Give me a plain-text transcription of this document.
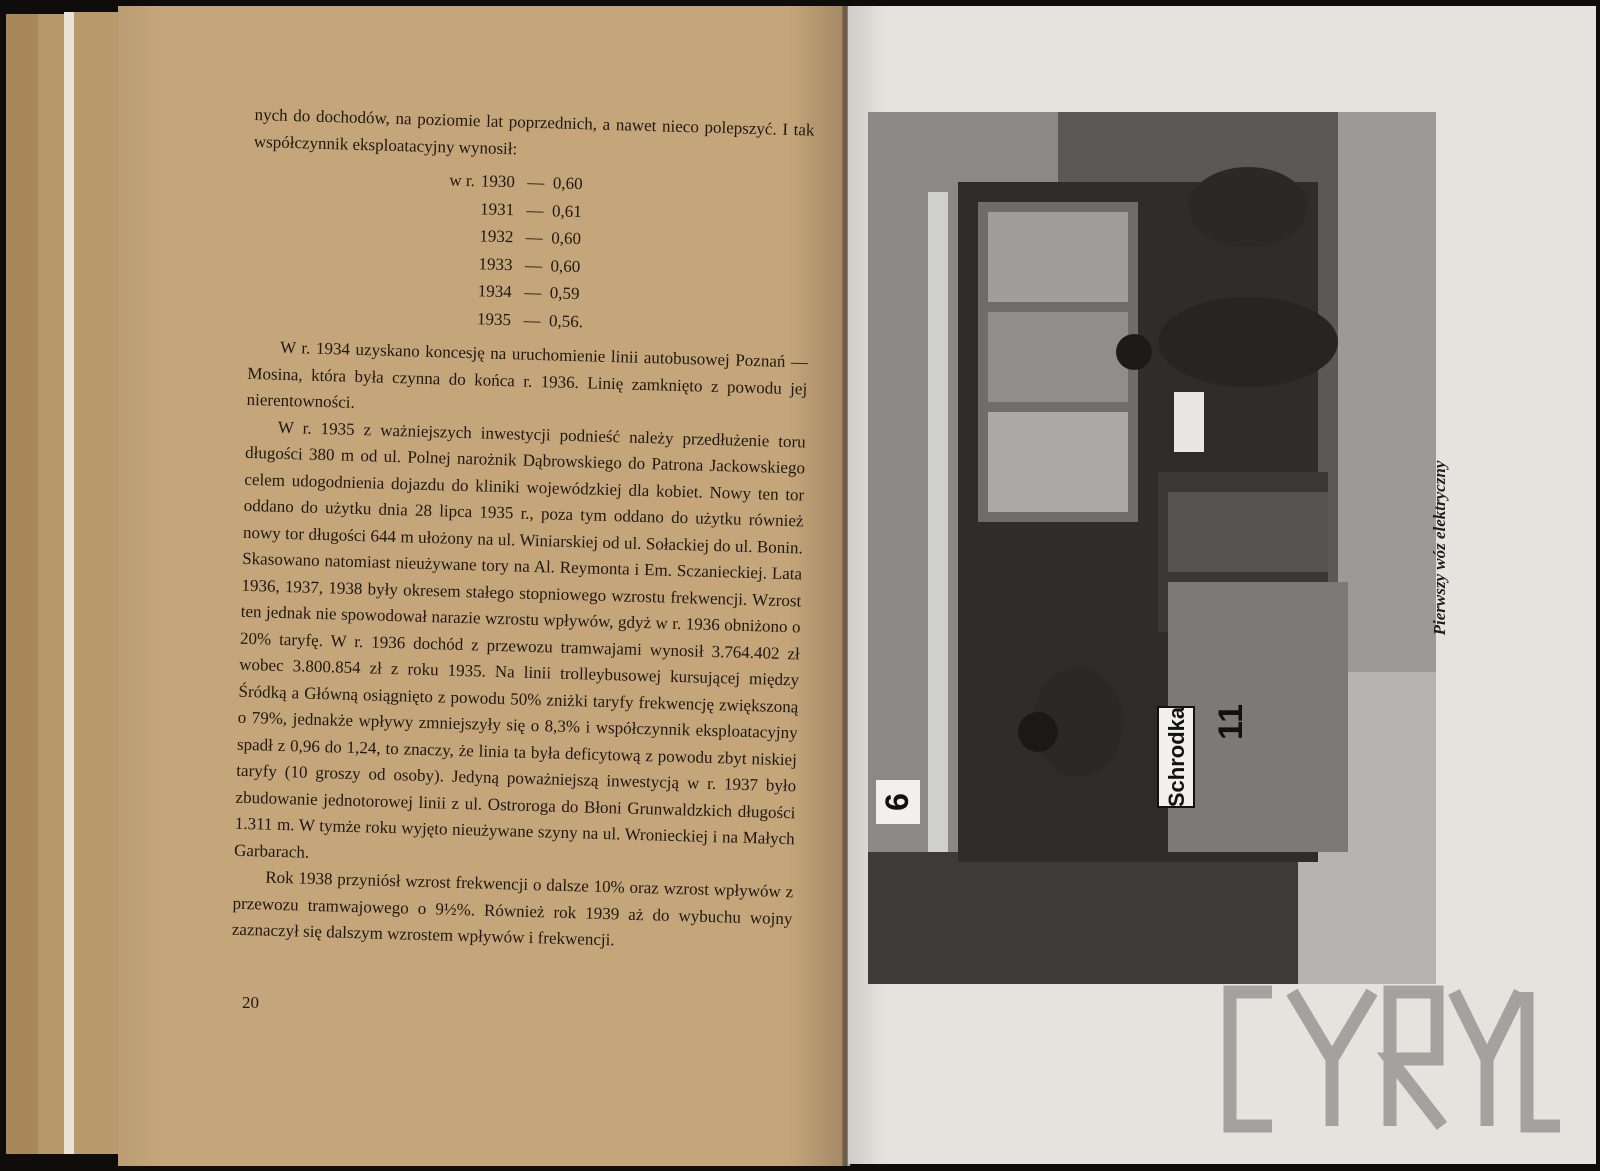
nych do dochodów, na poziomie lat poprzednich, a nawet nieco polepszyć. I tak współczynnik eksploatacyjny wynosił:

w r. 1930 — 0,60
1931 — 0,61
1932 — 0,60
1933 — 0,60
1934 — 0,59
1935 — 0,56.

W r. 1934 uzyskano koncesję na uruchomienie linii autobusowej Poznań — Mosina, która była czynna do końca r. 1936. Linię zamknięto z powodu jej nierentowności.

W r. 1935 z ważniejszych inwestycji podnieść należy przedłużenie toru długości 380 m od ul. Polnej narożnik Dąbrowskiego do Patrona Jackowskiego celem udogodnienia dojazdu do kliniki wojewódzkiej dla kobiet. Nowy ten tor oddano do użytku dnia 28 lipca 1935 r., poza tym oddano do użytku również nowy tor długości 644 m ułożony na ul. Winiarskiej od ul. Sołackiej do ul. Bonin. Skasowano natomiast nieużywane tory na Al. Reymonta i Em. Sczanieckiej. Lata 1936, 1937, 1938 były okresem stałego stopniowego wzrostu frekwencji. Wzrost ten jednak nie spowodował narazie wzrostu wpływów, gdyż w r. 1936 obniżono o 20% taryfę. W r. 1936 dochód z przewozu tramwajami wynosił 3.764.402 zł wobec 3.800.854 zł z roku 1935. Na linii trolleybusowej kursującej między Śródką a Główną osiągnięto z powodu 50% zniżki taryfy frekwencję zwiększoną o 79%, jednakże wpływy zmniejszyły się o 8,3% i współczynnik eksploatacyjny spadł z 0,96 do 1,24, to znaczy, że linia ta była deficytową z powodu zbyt niskiej taryfy (10 groszy od osoby). Jedyną poważniejszą inwestycją w r. 1937 było zbudowanie jednotorowej linii z ul. Ostroroga do Błoni Grunwaldzkich długości 1.311 m. W tymże roku wyjęto nieużywane szyny na ul. Wronieckiej i na Małych Garbarach.

Rok 1938 przyniósł wzrost frekwencji o dalsze 10% oraz wzrost wpływów z przewozu tramwajowego o 9½%. Również rok 1939 aż do wybuchu wojny zaznaczył się dalszym wzrostem wpływów i frekwencji.

20
Schrodka 11
6
Pierwszy wóz elektryczny
